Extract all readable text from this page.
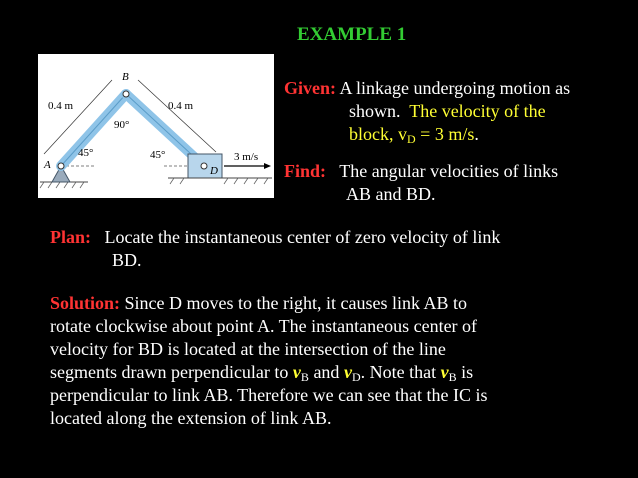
EXAMPLE 1
B
A	D
0.4 m	0.4 m
90°
45°	45°	3 m/s
Given: A linkage undergoing motion as
shown. The velocity of the
block, $v_D = 3$ m/s.
Find: The angular velocities of links
AB and BD.
Plan: Locate the instantaneous center of zero velocity of link
BD.
Solution: Since D moves to the right, it causes link AB to
rotate clockwise about point A. The instantaneous center of
velocity for BD is located at the intersection of the line
segments drawn perpendicular to $v_B$ and $v_D$. Note that $v_B$ is
perpendicular to link AB. Therefore we can see that the IC is
located along the extension of link AB.
